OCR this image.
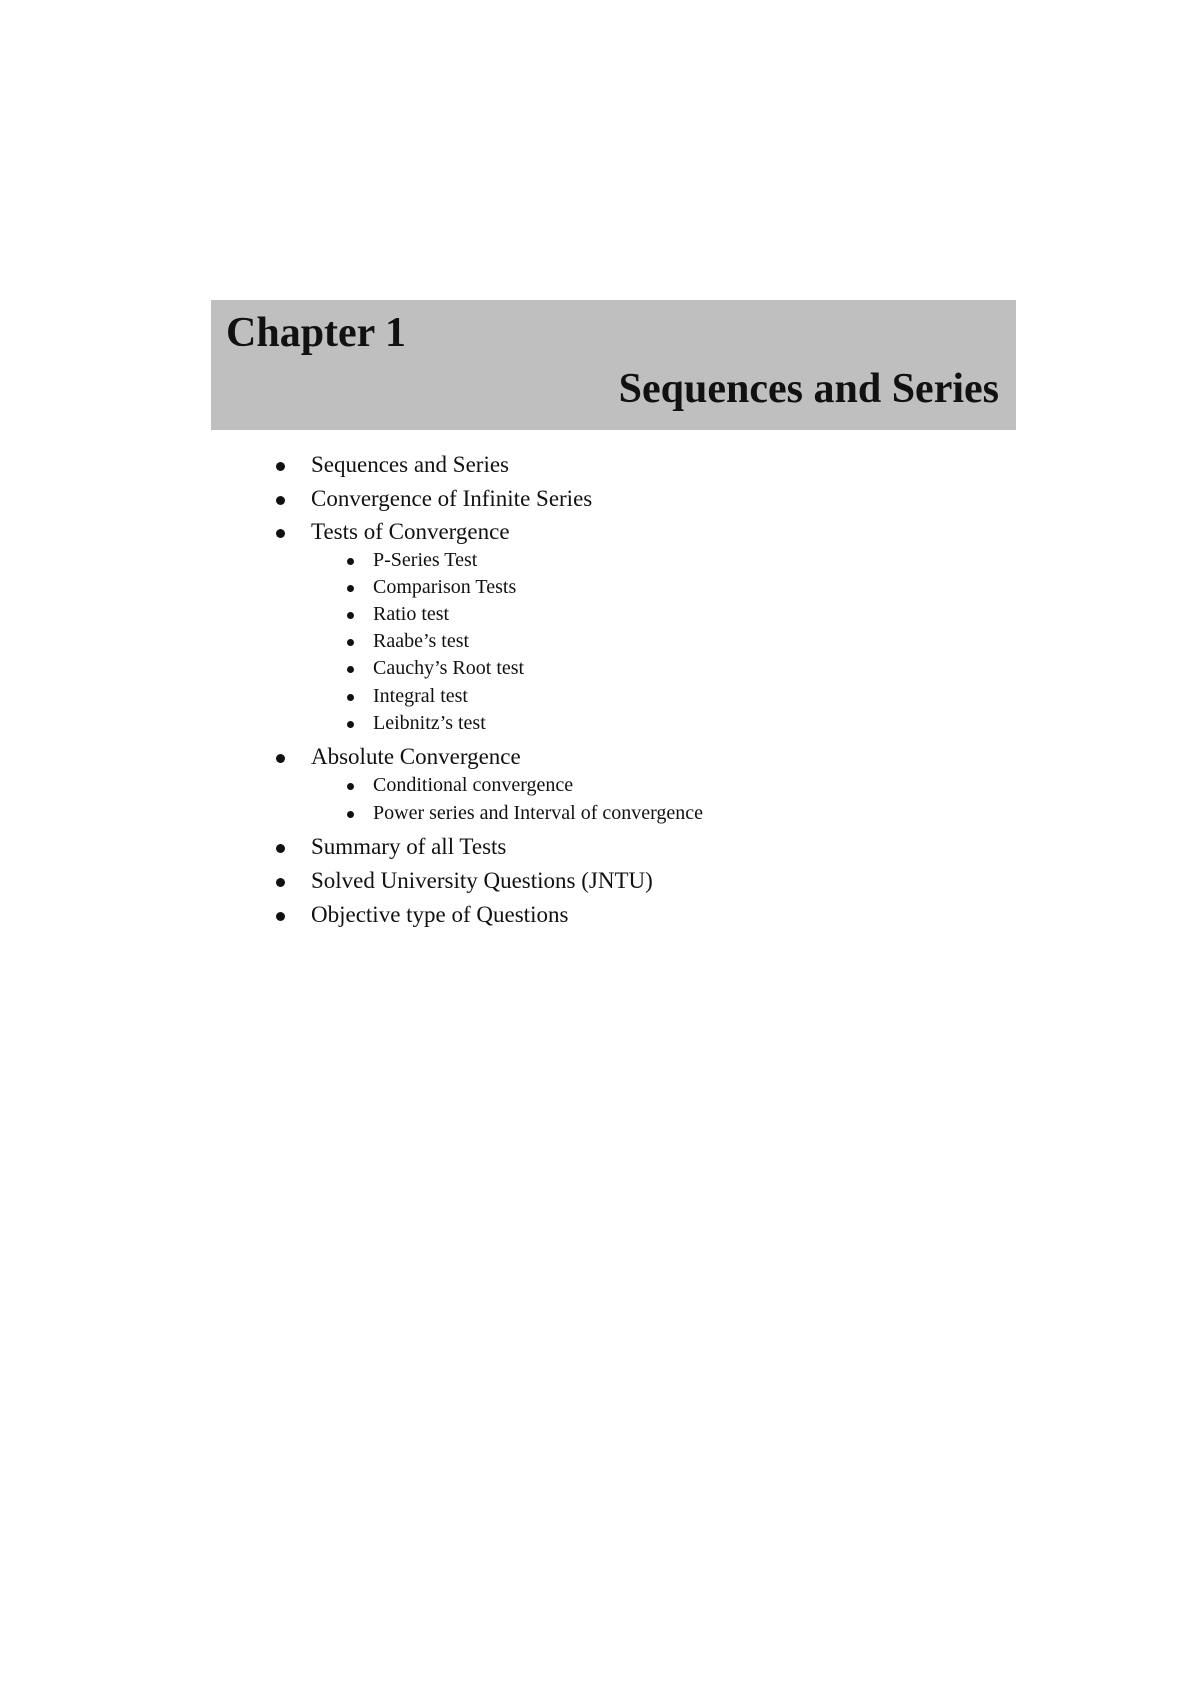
Chapter 1
Sequences and Series
Sequences and Series
Convergence of Infinite Series
Tests of Convergence
P-Series Test
Comparison Tests
Ratio test
Raabe’s test
Cauchy’s Root test
Integral test
Leibnitz’s test
Absolute Convergence
Conditional convergence
Power series and Interval of convergence
Summary of all Tests
Solved University Questions (JNTU)
Objective type of Questions
